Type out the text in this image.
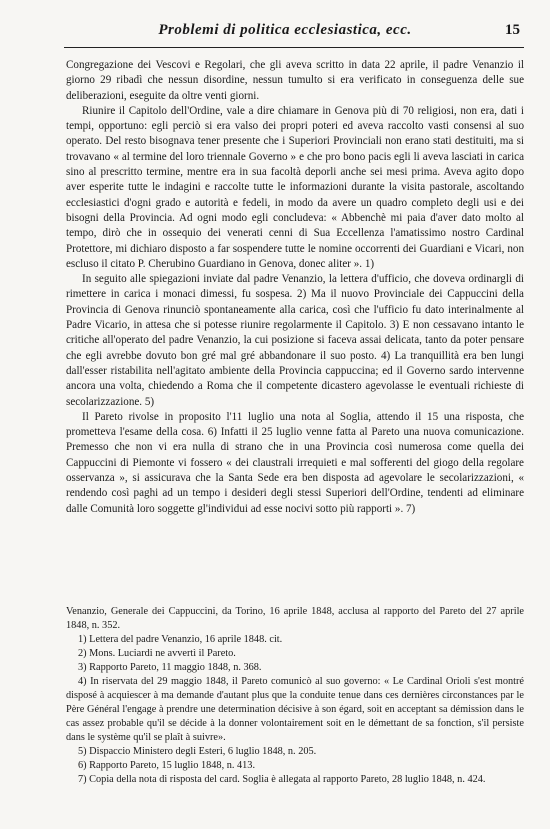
Problemi di politica ecclesiastica, ecc.	15

Congregazione dei Vescovi e Regolari, che gli aveva scritto in data 22 aprile, il padre Venanzio il giorno 29 ribadì che nessun disordine, nessun tumulto si era verificato in conseguenza delle sue deliberazioni, eseguite da oltre venti giorni.

Riunire il Capitolo dell'Ordine, vale a dire chiamare in Genova più di 70 religiosi, non era, dati i tempi, opportuno: egli perciò si era valso dei propri poteri ed aveva raccolto vasti consensi al suo operato. Del resto bisognava tener presente che i Superiori Provinciali non erano stati destituiti, ma si trovavano « al termine del loro triennale Governo » e che pro bono pacis egli li aveva lasciati in carica sino al prescritto termine, mentre era in sua facoltà deporli anche sei mesi prima. Aveva agito dopo aver esperite tutte le indagini e raccolte tutte le informazioni durante la visita pastorale, ascoltando ecclesiastici d'ogni grado e autorità e fedeli, in modo da avere un quadro completo degli usi e dei bisogni della Provincia. Ad ogni modo egli concludeva: « Abbenchè mi paia d'aver dato molto al tempo, dirò che in ossequio dei venerati cenni di Sua Eccellenza l'amatissimo nostro Cardinal Protettore, mi dichiaro disposto a far sospendere tutte le nomine occorrenti dei Guardiani e Vicari, non escluso il citato P. Cherubino Guardiano in Genova, donec aliter ». 1)

In seguito alle spiegazioni inviate dal padre Venanzio, la lettera d'ufficio, che doveva ordinargli di rimettere in carica i monaci dimessi, fu sospesa. 2) Ma il nuovo Provinciale dei Cappuccini della Provincia di Genova rinunciò spontaneamente alla carica, così che l'ufficio fu dato interinalmente al Padre Vicario, in attesa che si potesse riunire regolarmente il Capitolo. 3) E non cessavano intanto le critiche all'operato del padre Venanzio, la cui posizione si faceva assai delicata, tanto da poter pensare che egli avrebbe dovuto bon gré mal gré abbandonare il suo posto. 4) La tranquillità era ben lungi dall'esser ristabilita nell'agitato ambiente della Provincia cappuccina; ed il Governo sardo intervenne ancora una volta, chiedendo a Roma che il competente dicastero agevolasse le eventuali richieste di secolarizzazione. 5)

Il Pareto rivolse in proposito l'11 luglio una nota al Soglia, attendo il 15 una risposta, che prometteva l'esame della cosa. 6) Infatti il 25 luglio venne fatta al Pareto una nuova comunicazione. Premesso che non vi era nulla di strano che in una Provincia così numerosa come quella dei Cappuccini di Piemonte vi fossero « dei claustrali irrequieti e mal sofferenti del giogo della regolare osservanza », si assicurava che la Santa Sede era ben disposta ad agevolare le secolarizzazioni, « rendendo così paghi ad un tempo i desideri degli stessi Superiori dell'Ordine, tendenti ad eliminare dalle Comunità loro soggette gl'individui ad esse nocivi sotto più rapporti ». 7)

Venanzio, Generale dei Cappuccini, da Torino, 16 aprile 1848, acclusa al rapporto del Pareto del 27 aprile 1848, n. 352.

1) Lettera del padre Venanzio, 16 aprile 1848. cit.

2) Mons. Luciardi ne avvertì il Pareto.

3) Rapporto Pareto, 11 maggio 1848, n. 368.

4) In riservata del 29 maggio 1848, il Pareto comunicò al suo governo: « Le Cardinal Orioli s'est montré disposé à acquiescer à ma demande d'autant plus que la conduite tenue dans ces dernières circonstances par le Père Général l'engage à prendre une determination décisive à son égard, soit en acceptant sa démission dans le cas assez probable qu'il se décide à la donner volontairement soit en le démettant de sa fonction, s'il persiste dans le système qu'il se plaît à suivre».

5) Dispaccio Ministero degli Esteri, 6 luglio 1848, n. 205.

6) Rapporto Pareto, 15 luglio 1848, n. 413.

7) Copia della nota di risposta del card. Soglia è allegata al rapporto Pareto, 28 luglio 1848, n. 424.
